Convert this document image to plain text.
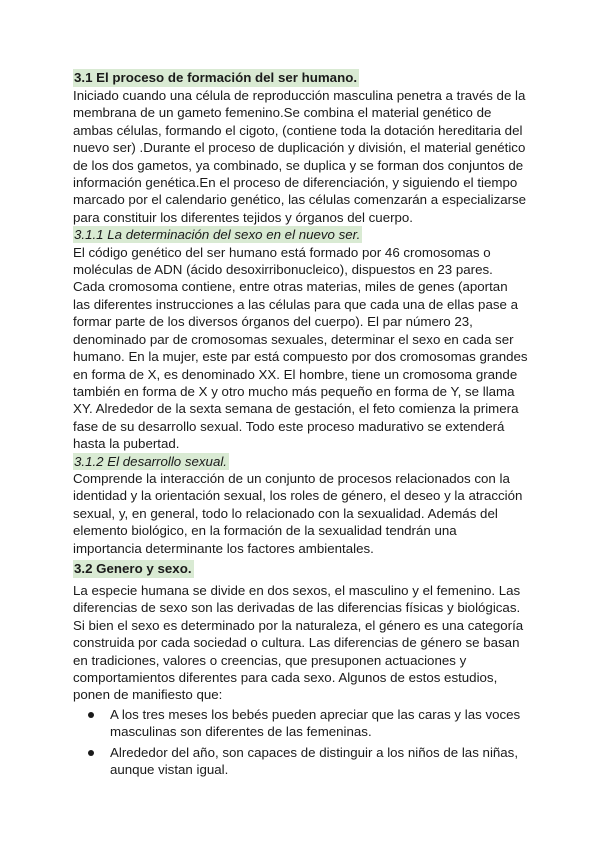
3.1 El proceso de formación del ser humano.

Iniciado cuando una célula de reproducción masculina penetra a través de la membrana de un gameto femenino.Se combina el material genético de ambas células, formando el cigoto, (contiene toda la dotación hereditaria del nuevo ser) .Durante el proceso de duplicación y división, el material genético de los dos gametos, ya combinado, se duplica y se forman dos conjuntos de información genética.En el proceso de diferenciación, y siguiendo el tiempo marcado por el calendario genético, las células comenzarán a especializarse para constituir los diferentes tejidos y órganos del cuerpo.

3.1.1 La determinación del sexo en el nuevo ser.

El código genético del ser humano está formado por 46 cromosomas o moléculas de ADN (ácido desoxirribonucleico), dispuestos en 23 pares. Cada cromosoma contiene, entre otras materias, miles de genes (aportan las diferentes instrucciones a las células para que cada una de ellas pase a formar parte de los diversos órganos del cuerpo). El par número 23, denominado par de cromosomas sexuales, determinar el sexo en cada ser humano. En la mujer, este par está compuesto por dos cromosomas grandes en forma de X, es denominado XX. El hombre, tiene un cromosoma grande también en forma de X y otro mucho más pequeño en forma de Y, se llama XY. Alrededor de la sexta semana de gestación, el feto comienza la primera fase de su desarrollo sexual. Todo este proceso madurativo se extenderá hasta la pubertad.

3.1.2 El desarrollo sexual.

Comprende la interacción de un conjunto de procesos relacionados con la identidad y la orientación sexual, los roles de género, el deseo y la atracción sexual, y, en general, todo lo relacionado con la sexualidad. Además del elemento biológico, en la formación de la sexualidad tendrán una importancia determinante los factores ambientales.

3.2 Genero y sexo.

La especie humana se divide en dos sexos, el masculino y el femenino. Las diferencias de sexo son las derivadas de las diferencias físicas y biológicas. Si bien el sexo es determinado por la naturaleza, el género es una categoría construida por cada sociedad o cultura. Las diferencias de género se basan en tradiciones, valores o creencias, que presuponen actuaciones y comportamientos diferentes para cada sexo. Algunos de estos estudios, ponen de manifiesto que:

A los tres meses los bebés pueden apreciar que las caras y las voces masculinas son diferentes de las femeninas.
Alrededor del año, son capaces de distinguir a los niños de las niñas, aunque vistan igual.
